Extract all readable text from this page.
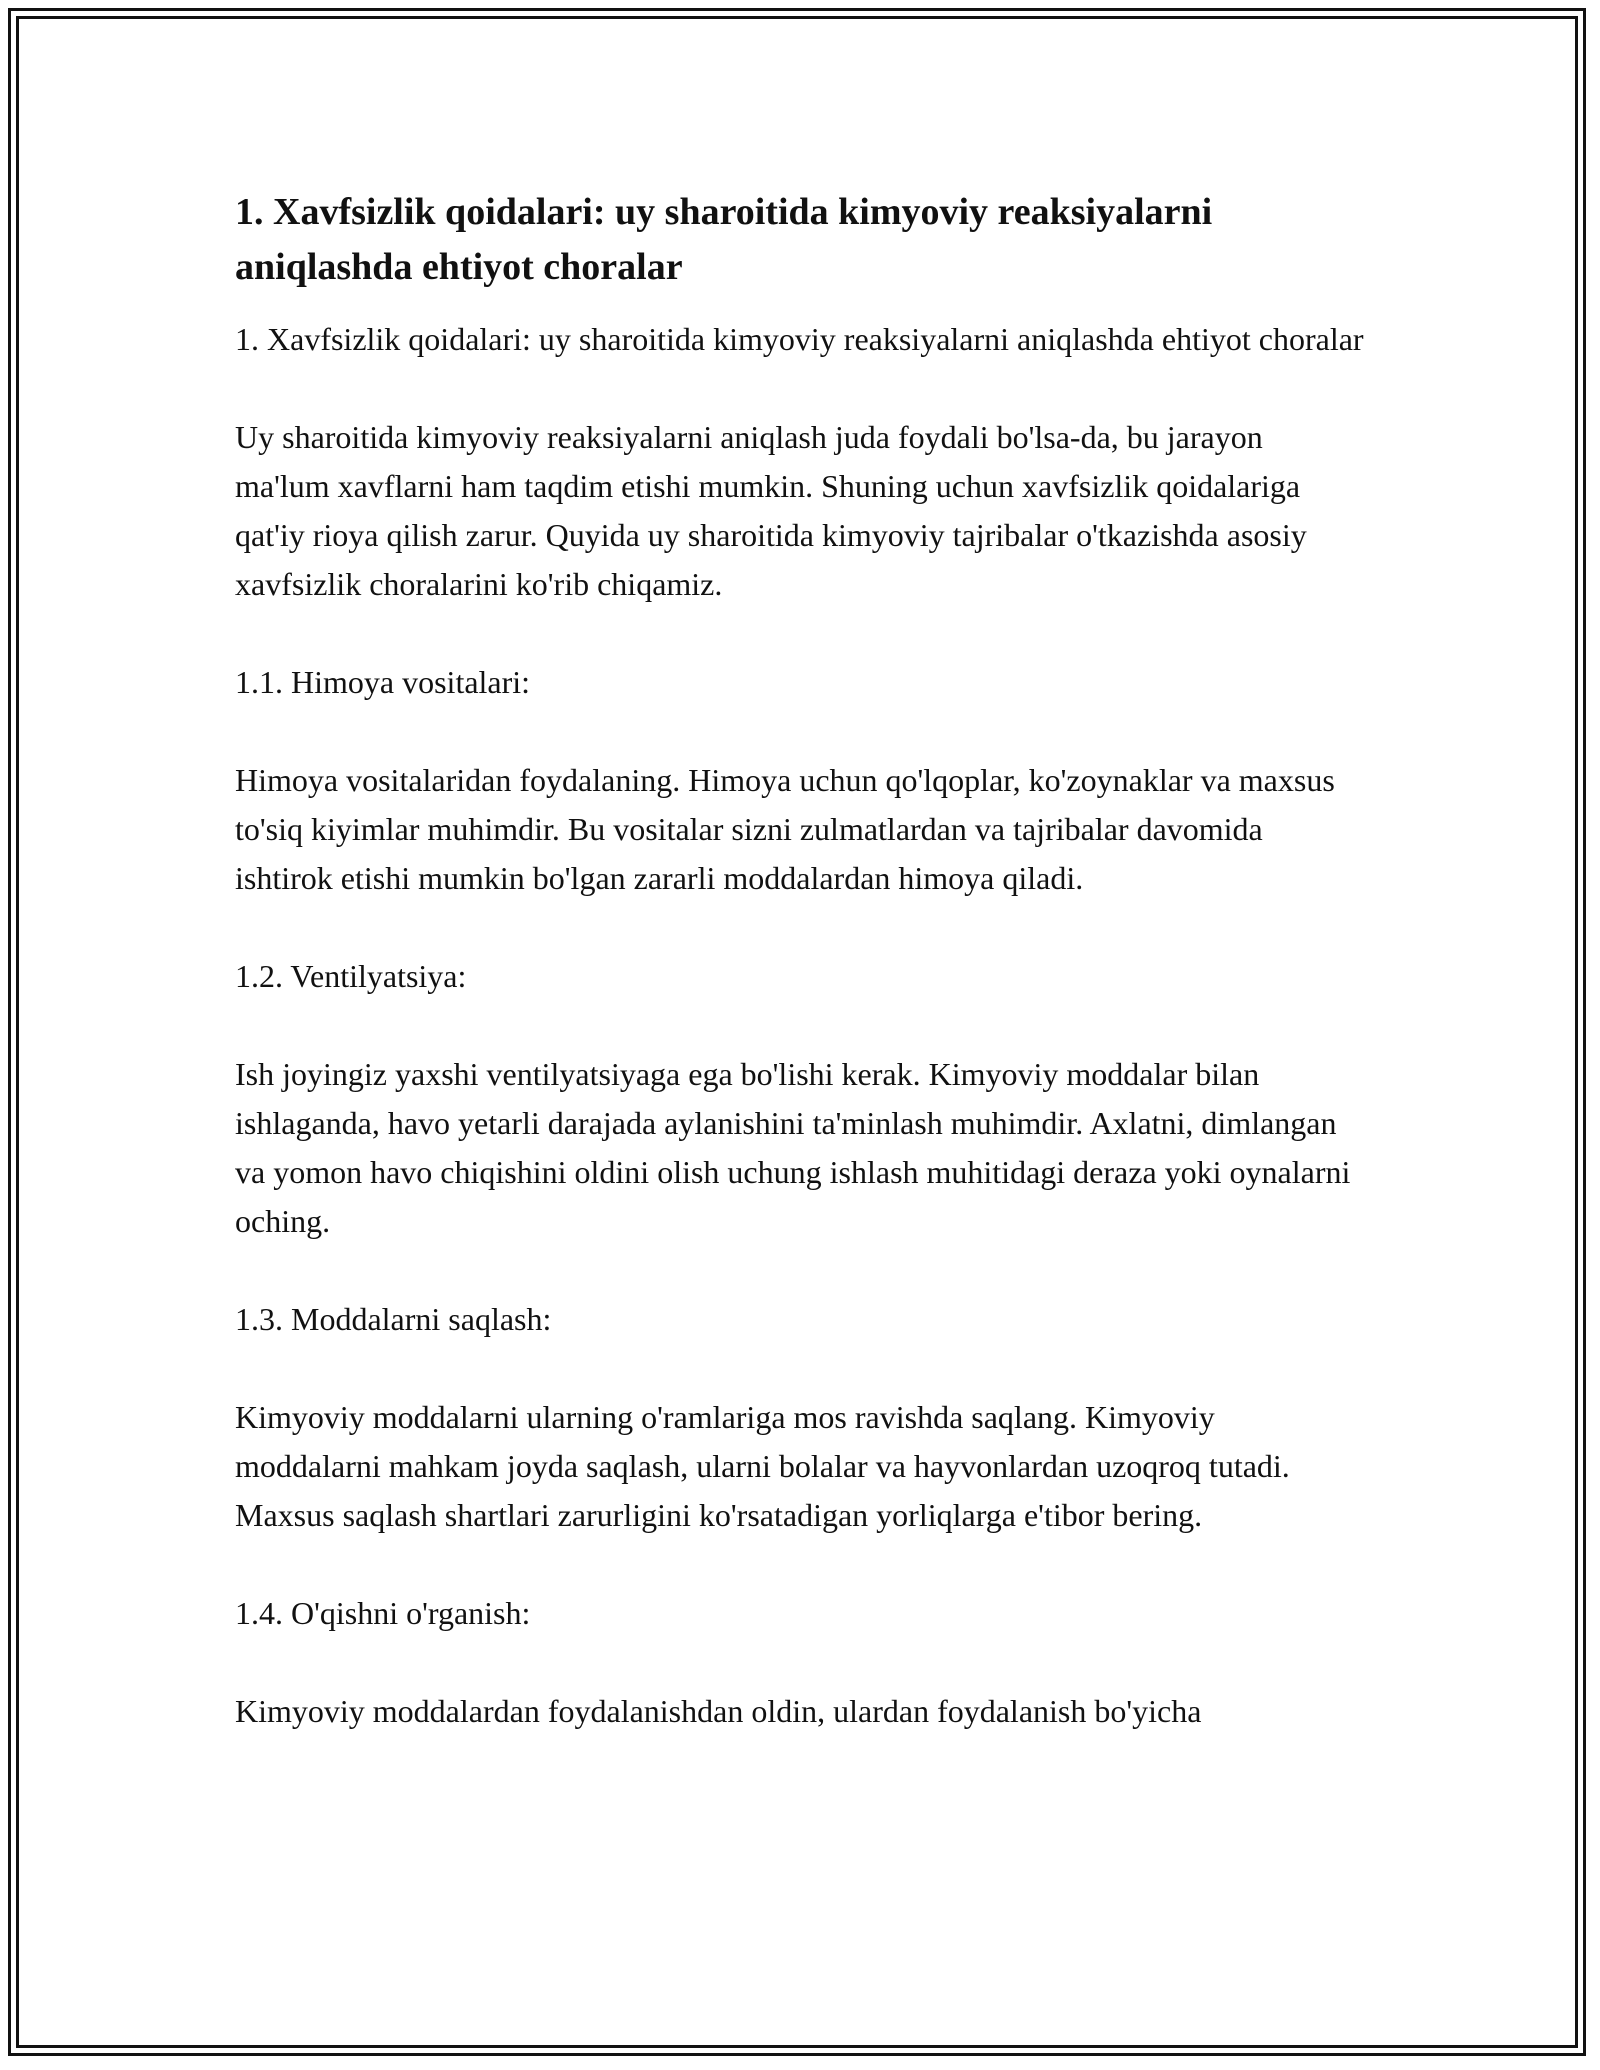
1. Xavfsizlik qoidalari: uy sharoitida kimyoviy reaksiyalarni aniqlashda ehtiyot choralar

1. Xavfsizlik qoidalari: uy sharoitida kimyoviy reaksiyalarni aniqlashda ehtiyot choralar

Uy sharoitida kimyoviy reaksiyalarni aniqlash juda foydali bo'lsa-da, bu jarayon ma'lum xavflarni ham taqdim etishi mumkin. Shuning uchun xavfsizlik qoidalariga qat'iy rioya qilish zarur. Quyida uy sharoitida kimyoviy tajribalar o'tkazishda asosiy xavfsizlik choralarini ko'rib chiqamiz.

1.1. Himoya vositalari:

Himoya vositalaridan foydalaning. Himoya uchun qo'lqoplar, ko'zoynaklar va maxsus to'siq kiyimlar muhimdir. Bu vositalar sizni zulmatlardan va tajribalar davomida ishtirok etishi mumkin bo'lgan zararli moddalardan himoya qiladi.

1.2. Ventilyatsiya:

Ish joyingiz yaxshi ventilyatsiyaga ega bo'lishi kerak. Kimyoviy moddalar bilan ishlaganda, havo yetarli darajada aylanishini ta'minlash muhimdir. Axlatni, dimlangan va yomon havo chiqishini oldini olish uchung ishlash muhitidagi deraza yoki oynalarni oching.

1.3. Moddalarni saqlash:

Kimyoviy moddalarni ularning o'ramlariga mos ravishda saqlang. Kimyoviy moddalarni mahkam joyda saqlash, ularni bolalar va hayvonlardan uzoqroq tutadi. Maxsus saqlash shartlari zarurligini ko'rsatadigan yorliqlarga e'tibor bering.

1.4. O'qishni o'rganish:

Kimyoviy moddalardan foydalanishdan oldin, ulardan foydalanish bo'yicha
